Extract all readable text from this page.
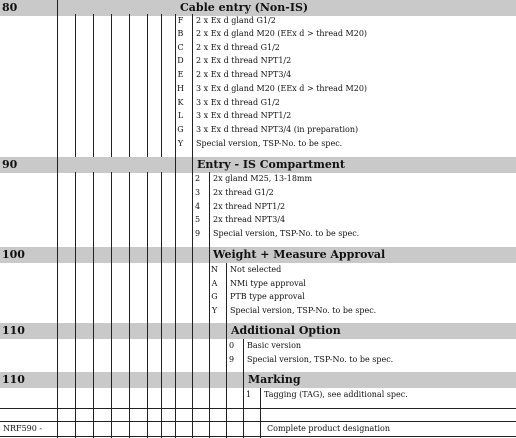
80	Cable entry (Non-IS)
F 2 x Ex d gland G1/2
B 2 x Ex d gland M20 (EEx d > thread M20)
C 2 x Ex d thread G1/2
D 2 x Ex d thread NPT1/2
E 2 x Ex d thread NPT3/4
H 3 x Ex d gland M20 (EEx d > thread M20)
K 3 x Ex d thread G1/2
L 3 x Ex d thread NPT1/2
G 3 x Ex d thread NPT3/4 (in preparation)
Y Special version, TSP-No. to be spec.
90	Entry - IS Compartment
2 2x gland M25, 13-18mm
3 2x thread G1/2
4 2x thread NPT1/2
5 2x thread NPT3/4
9 Special version, TSP-No. to be spec.
100	Weight + Measure Approval
N Not selected
A NMi type approval
G PTB type approval
Y Special version, TSP-No. to be spec.
110	Additional Option
0 Basic version
9 Special version, TSP-No. to be spec.
110	Marking
1 Tagging (TAG), see additional spec.
NRF590 -	Complete product designation
